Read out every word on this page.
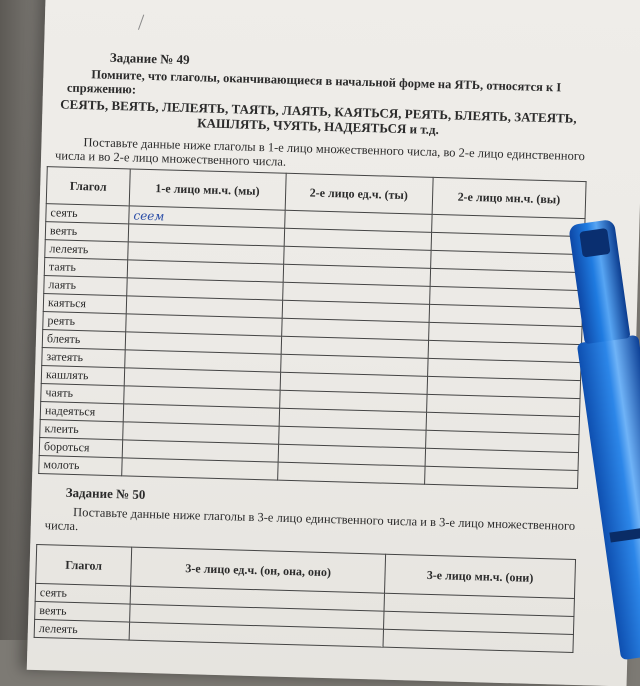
Задание № 49
Помните, что глаголы, оканчивающиеся в начальной форме на ЯТЬ, относятся к I спряжению:
СЕЯТЬ, ВЕЯТЬ, ЛЕЛЕЯТЬ, ТАЯТЬ, ЛАЯТЬ, КАЯТЬСЯ, РЕЯТЬ, БЛЕЯТЬ, ЗАТЕЯТЬ, КАШЛЯТЬ, ЧУЯТЬ, НАДЕЯТЬСЯ и т.д.
Поставьте данные ниже глаголы в 1-е лицо множественного числа, во 2-е лицо единственного числа и во 2-е лицо множественного числа.
Глагол	1-е лицо мн.ч. (мы)	2-е лицо ед.ч. (ты)	2-е лицо мн.ч. (вы)
сеять	сеем		
веять			
лелеять			
таять			
лаять			
каяться			
реять			
блеять			
затеять			
кашлять			
чаять			
надеяться			
клеить			
бороться			
молоть			
Задание № 50
Поставьте данные ниже глаголы в 3-е лицо единственного числа и в 3-е лицо множественного числа.
Глагол	3-е лицо ед.ч. (он, она, оно)	3-е лицо мн.ч. (они)
сеять		
веять		
лелеять		
